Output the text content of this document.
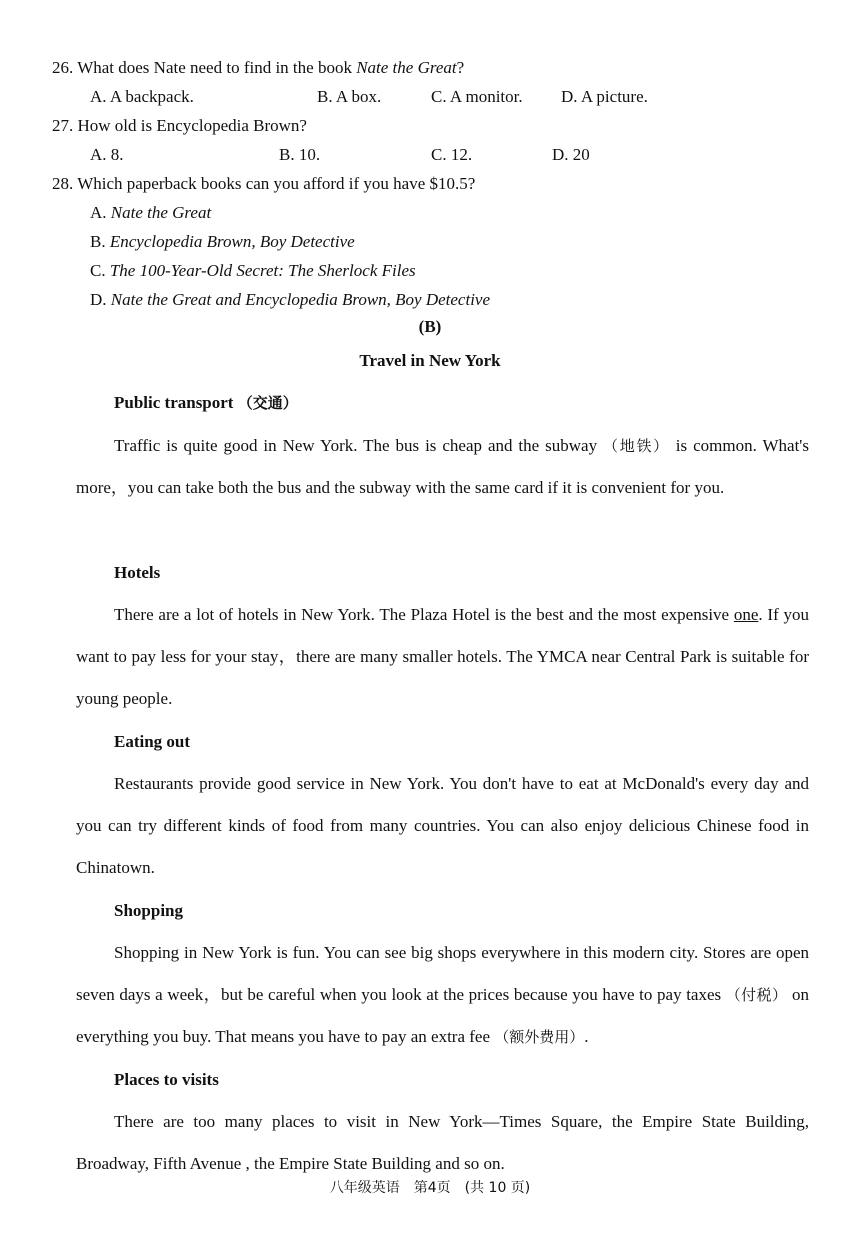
26. What does Nate need to find in the book Nate the Great?
A. A backpack.	B. A box.	C. A monitor. D. A picture.
27. How old is Encyclopedia Brown?
A. 8.	B. 10.	C. 12.	D. 20
28. Which paperback books can you afford if you have $10.5?
A. Nate the Great
B. Encyclopedia Brown, Boy Detective
C. The 100-Year-Old Secret: The Sherlock Files
D. Nate the Great and Encyclopedia Brown, Boy Detective
(B)
Travel in New York
Public transport （交通）
Traffic is quite good in New York. The bus is cheap and the subway （地铁） is common. What's more，you can take both the bus and the subway with the same card if it is convenient for you.
Hotels
There are a lot of hotels in New York. The Plaza Hotel is the best and the most expensive one. If you want to pay less for your stay，there are many smaller hotels. The YMCA near Central Park is suitable for young people.
Eating out
Restaurants provide good service in New York. You don't have to eat at McDonald's every day and you can try different kinds of food from many countries. You can also enjoy delicious Chinese food in Chinatown.
Shopping
Shopping in New York is fun. You can see big shops everywhere in this modern city. Stores are open seven days a week，but be careful when you look at the prices because you have to pay taxes （付税） on everything you buy. That means you have to pay an extra fee （额外费用）.
Places to visits
There are too many places to visit in New York—Times Square, the Empire State Building, Broadway, Fifth Avenue , the Empire State Building and so on.
八年级英语　第4页　(共 10 页)
